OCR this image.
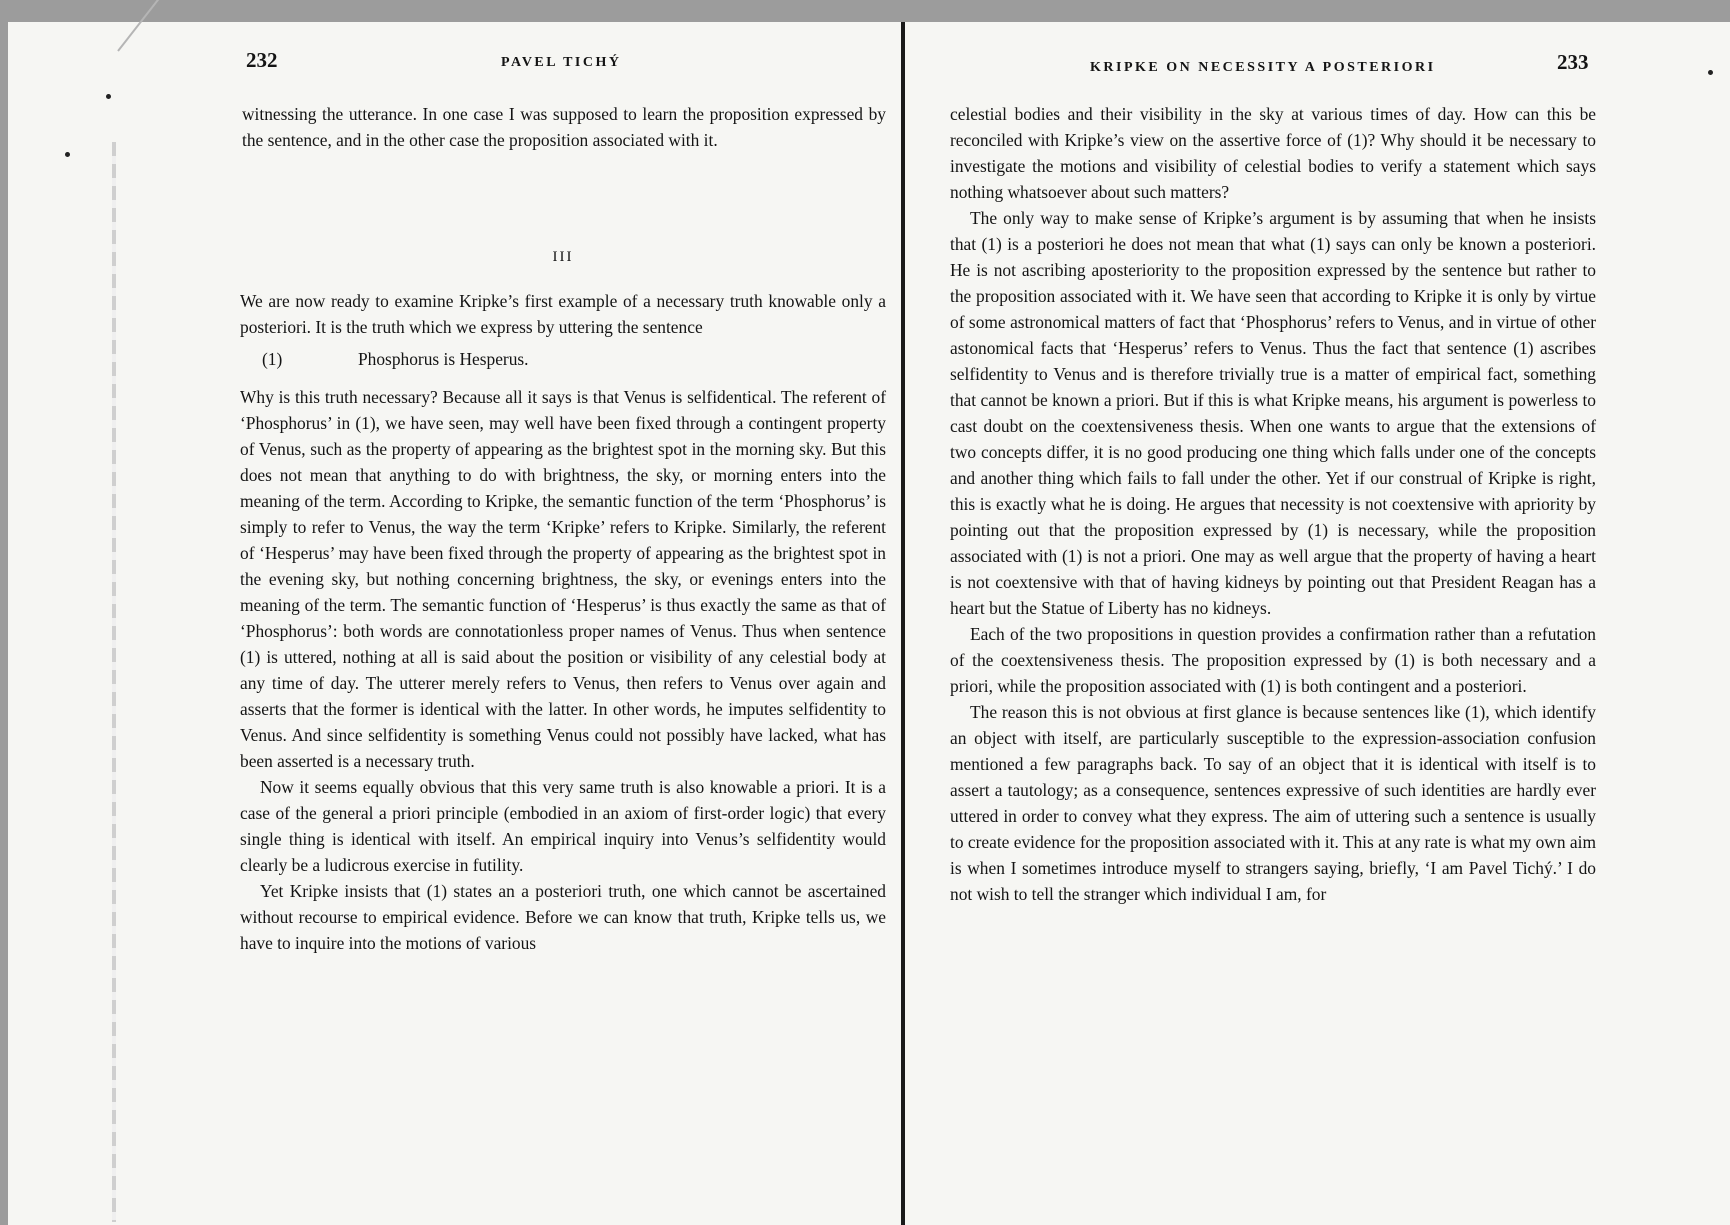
232	PAVEL TICHÝ

witnessing the utterance. In one case I was supposed to learn the proposition expressed by the sentence, and in the other case the proposition associated with it.

III

We are now ready to examine Kripke’s first example of a necessary truth knowable only a posteriori. It is the truth which we express by uttering the sentence

(1)	Phosphorus is Hesperus.

Why is this truth necessary? Because all it says is that Venus is selfidentical. The referent of ‘Phosphorus’ in (1), we have seen, may well have been fixed through a contingent property of Venus, such as the property of appearing as the brightest spot in the morning sky. But this does not mean that anything to do with brightness, the sky, or morning enters into the meaning of the term. According to Kripke, the semantic function of the term ‘Phosphorus’ is simply to refer to Venus, the way the term ‘Kripke’ refers to Kripke. Similarly, the referent of ‘Hesperus’ may have been fixed through the property of appearing as the brightest spot in the evening sky, but nothing concerning brightness, the sky, or evenings enters into the meaning of the term. The semantic function of ‘Hesperus’ is thus exactly the same as that of ‘Phosphorus’: both words are connotationless proper names of Venus. Thus when sentence (1) is uttered, nothing at all is said about the position or visibility of any celestial body at any time of day. The utterer merely refers to Venus, then refers to Venus over again and asserts that the former is identical with the latter. In other words, he imputes selfidentity to Venus. And since selfidentity is something Venus could not possibly have lacked, what has been asserted is a necessary truth.

Now it seems equally obvious that this very same truth is also knowable a priori. It is a case of the general a priori principle (embodied in an axiom of first-order logic) that every single thing is identical with itself. An empirical inquiry into Venus’s selfidentity would clearly be a ludicrous exercise in futility.

Yet Kripke insists that (1) states an a posteriori truth, one which cannot be ascertained without recourse to empirical evidence. Before we can know that truth, Kripke tells us, we have to inquire into the motions of various

KRIPKE ON NECESSITY A POSTERIORI	233

celestial bodies and their visibility in the sky at various times of day. How can this be reconciled with Kripke’s view on the assertive force of (1)? Why should it be necessary to investigate the motions and visibility of celestial bodies to verify a statement which says nothing whatsoever about such matters?

The only way to make sense of Kripke’s argument is by assuming that when he insists that (1) is a posteriori he does not mean that what (1) says can only be known a posteriori. He is not ascribing aposteriority to the proposition expressed by the sentence but rather to the proposition associated with it. We have seen that according to Kripke it is only by virtue of some astronomical matters of fact that ‘Phosphorus’ refers to Venus, and in virtue of other astonomical facts that ‘Hesperus’ refers to Venus. Thus the fact that sentence (1) ascribes selfidentity to Venus and is therefore trivially true is a matter of empirical fact, something that cannot be known a priori. But if this is what Kripke means, his argument is powerless to cast doubt on the coextensiveness thesis. When one wants to argue that the extensions of two concepts differ, it is no good producing one thing which falls under one of the concepts and another thing which fails to fall under the other. Yet if our construal of Kripke is right, this is exactly what he is doing. He argues that necessity is not coextensive with apriority by pointing out that the proposition expressed by (1) is necessary, while the proposition associated with (1) is not a priori. One may as well argue that the property of having a heart is not coextensive with that of having kidneys by pointing out that President Reagan has a heart but the Statue of Liberty has no kidneys.

Each of the two propositions in question provides a confirmation rather than a refutation of the coextensiveness thesis. The proposition expressed by (1) is both necessary and a priori, while the proposition associated with (1) is both contingent and a posteriori.

The reason this is not obvious at first glance is because sentences like (1), which identify an object with itself, are particularly susceptible to the expression-association confusion mentioned a few paragraphs back. To say of an object that it is identical with itself is to assert a tautology; as a consequence, sentences expressive of such identities are hardly ever uttered in order to convey what they express. The aim of uttering such a sentence is usually to create evidence for the proposition associated with it. This at any rate is what my own aim is when I sometimes introduce myself to strangers saying, briefly, ‘I am Pavel Tichý.’ I do not wish to tell the stranger which individual I am, for
